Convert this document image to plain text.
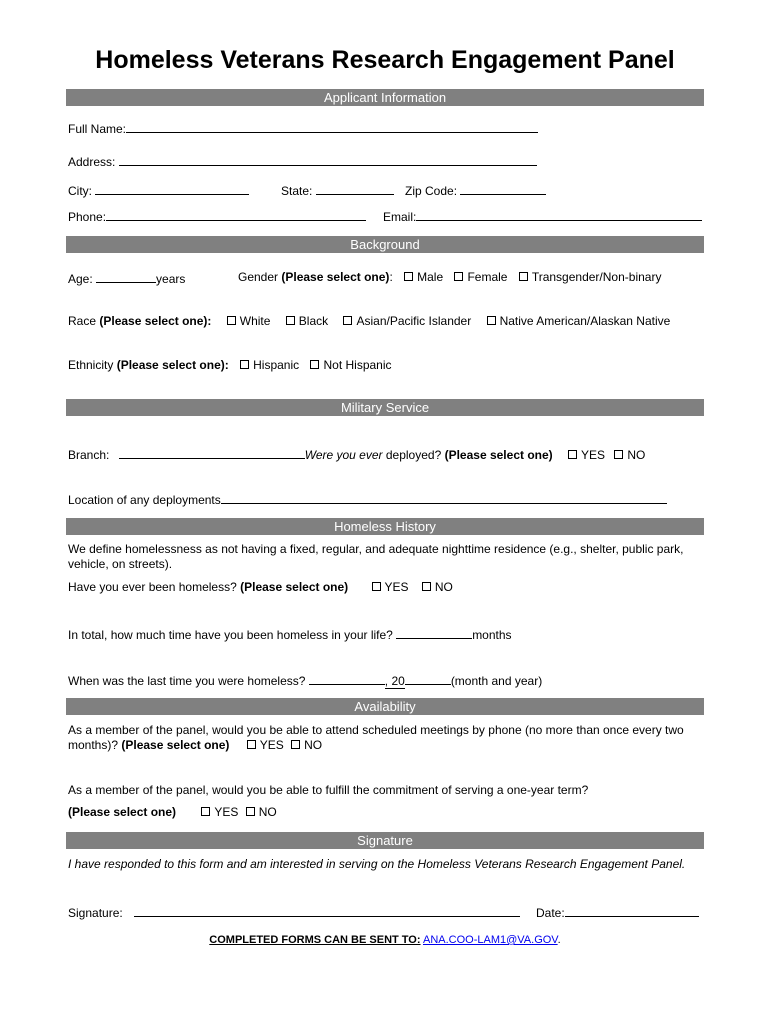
Homeless Veterans Research Engagement Panel
Applicant Information
Full Name:
Address:
City:	State:	Zip Code:
Phone:	Email:
Background
Age:	years	Gender (Please select one): Male Female Transgender/Non-binary
Race (Please select one): White Black Asian/Pacific Islander Native American/Alaskan Native
Ethnicity (Please select one): Hispanic Not Hispanic
Military Service
Branch:	Were you ever deployed? (Please select one) YES NO
Location of any deployments
Homeless History
We define homelessness as not having a fixed, regular, and adequate nighttime residence (e.g., shelter, public park, vehicle, on streets).
Have you ever been homeless? (Please select one)	YES NO
In total, how much time have you been homeless in your life?	months
When was the last time you were homeless?	, 20	(month and year)
Availability
As a member of the panel, would you be able to attend scheduled meetings by phone (no more than once every two months)? (Please select one)	YES NO
As a member of the panel, would you be able to fulfill the commitment of serving a one-year term?
(Please select one)	YES NO
Signature
I have responded to this form and am interested in serving on the Homeless Veterans Research Engagement Panel.
Signature:	Date:
COMPLETED FORMS CAN BE SENT TO: ANA.COO-LAM1@VA.GOV.
